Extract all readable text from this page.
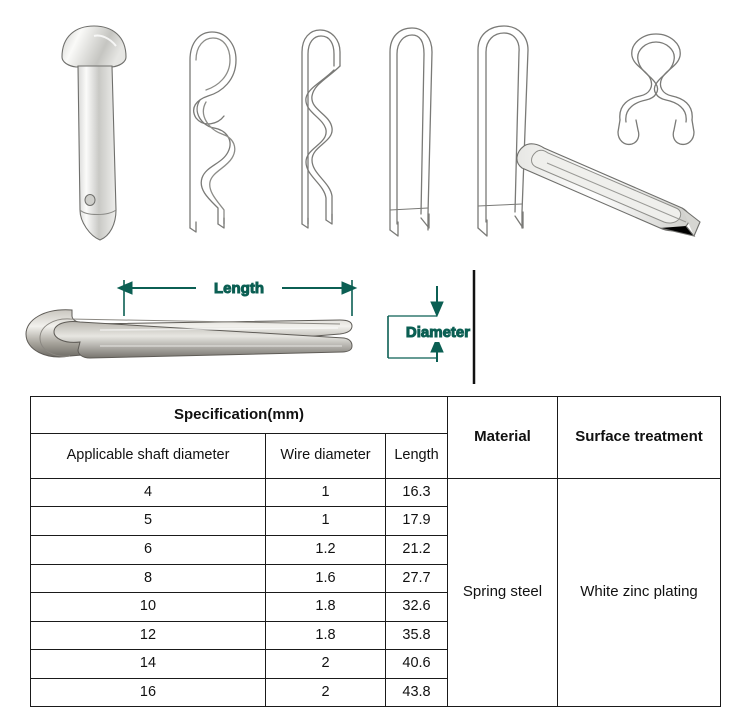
Length
Diameter
Specification(mm)			Material	Surface treatment
Applicable shaft diameter	Wire diameter	Length		
4	1	16.3	Spring steel	White zinc plating
5	1	17.9		
6	1.2	21.2		
8	1.6	27.7		
10	1.8	32.6		
12	1.8	35.8		
14	2	40.6		
16	2	43.8		
